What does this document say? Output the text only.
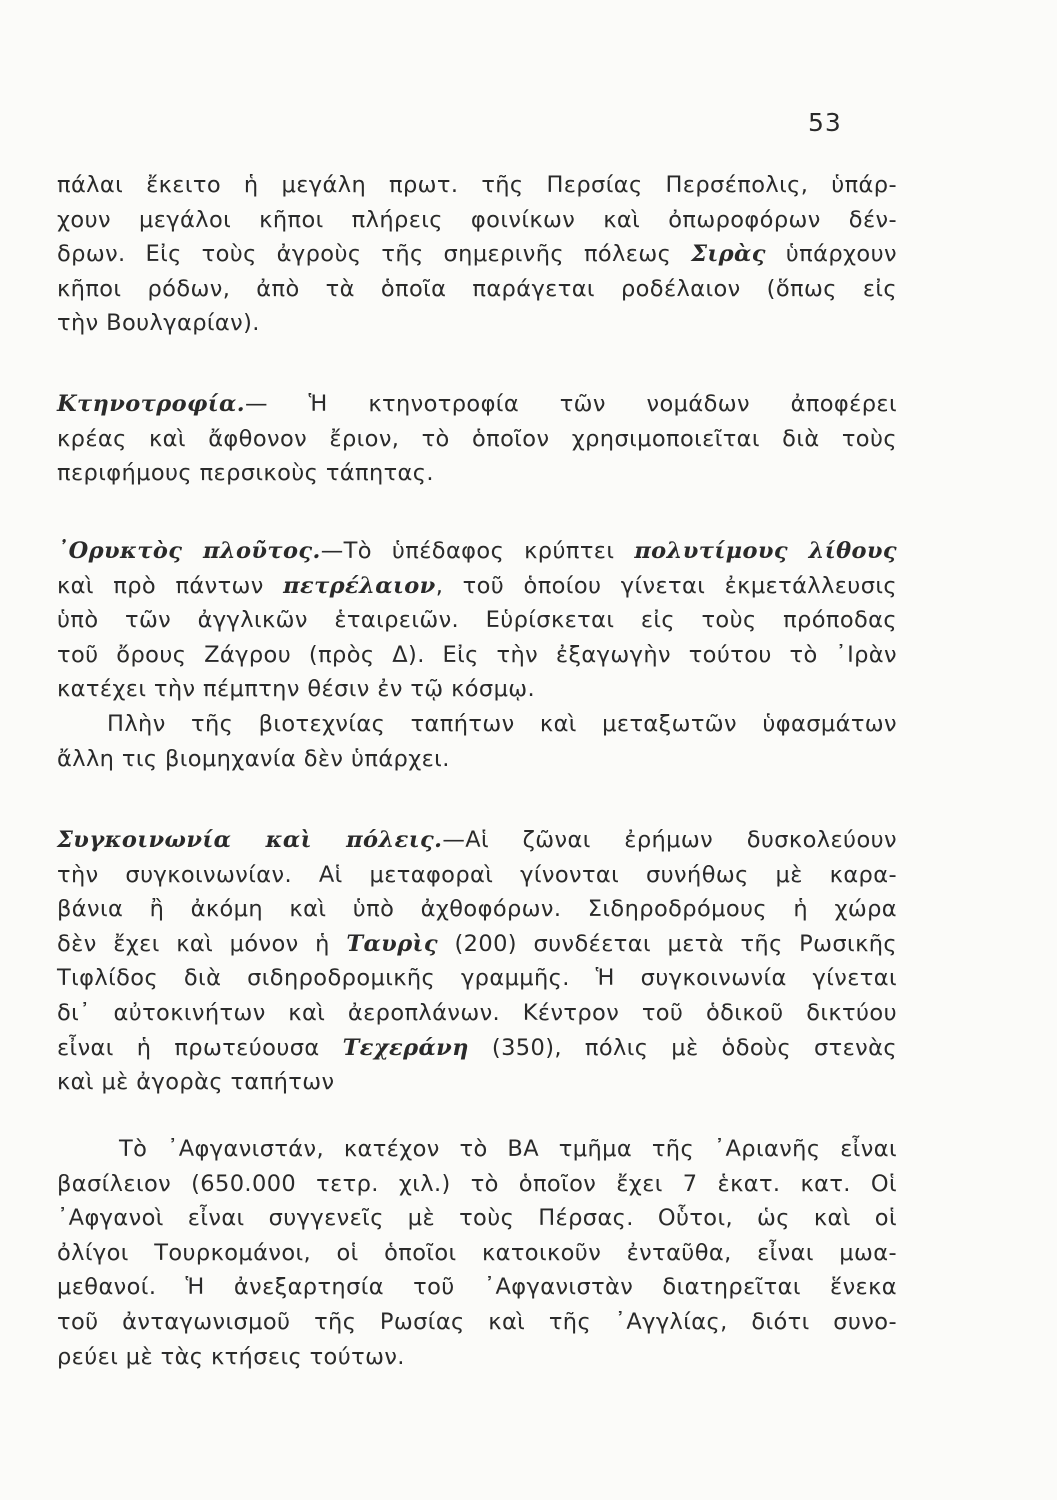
53
πάλαι ἔκειτο ἡ μεγάλη πρωτ. τῆς Περσίας Περσέπολις, ὑπάρ-
χουν μεγάλοι κῆποι πλήρεις φοινίκων καὶ ὀπωροφόρων δέν-
δρων. Εἰς τοὺς ἀγροὺς τῆς σημερινῆς πόλεως Σιρὰς ὑπάρχουν
κῆποι ρόδων, ἀπὸ τὰ ὁποῖα παράγεται ροδέλαιον (ὅπως εἰς
τὴν Βουλγαρίαν).
Κτηνοτροφία.— Ἡ κτηνοτροφία τῶν νομάδων ἀποφέρει
κρέας καὶ ἄφθονον ἔριον, τὸ ὁποῖον χρησιμοποιεῖται διὰ τοὺς
περιφήμους περσικοὺς τάπητας.
᾿Ορυκτὸς πλοῦτος.—Τὸ ὑπέδαφος κρύπτει πολυτίμους λίθους
καὶ πρὸ πάντων πετρέλαιον, τοῦ ὁποίου γίνεται ἐκμετάλλευσις
ὑπὸ τῶν ἀγγλικῶν ἑταιρειῶν. Εὑρίσκεται εἰς τοὺς πρόποδας
τοῦ ὄρους Ζάγρου (πρὸς Δ). Εἰς τὴν ἐξαγωγὴν τούτου τὸ ᾿Ιρὰν
κατέχει τὴν πέμπτην θέσιν ἐν τῷ κόσμῳ.
Πλὴν τῆς βιοτεχνίας ταπήτων καὶ μεταξωτῶν ὑφασμάτων
ἄλλη τις βιομηχανία δὲν ὑπάρχει.
Συγκοινωνία καὶ πόλεις.—Αἱ ζῶναι ἐρήμων δυσκολεύουν
τὴν συγκοινωνίαν. Αἱ μεταφοραὶ γίνονται συνήθως μὲ καρα-
βάνια ἢ ἀκόμη καὶ ὑπὸ ἀχθοφόρων. Σιδηροδρόμους ἡ χώρα
δὲν ἔχει καὶ μόνον ἡ Ταυρὶς (200) συνδέεται μετὰ τῆς Ρωσικῆς
Τιφλίδος διὰ σιδηροδρομικῆς γραμμῆς. Ἡ συγκοινωνία γίνεται
δι᾿ αὐτοκινήτων καὶ ἀεροπλάνων. Κέντρον τοῦ ὁδικοῦ δικτύου
εἶναι ἡ πρωτεύουσα Τεχεράνη (350), πόλις μὲ ὁδοὺς στενὰς
καὶ μὲ ἀγορὰς ταπήτων
Τὸ ᾿Αφγανιστάν, κατέχον τὸ ΒΑ τμῆμα τῆς ᾿Αριανῆς εἶναι
βασίλειον (650.000 τετρ. χιλ.) τὸ ὁποῖον ἔχει 7 ἑκατ. κατ. Οἱ
᾿Αφγανοὶ εἶναι συγγενεῖς μὲ τοὺς Πέρσας. Οὗτοι, ὡς καὶ οἱ
ὀλίγοι Τουρκομάνοι, οἱ ὁποῖοι κατοικοῦν ἐνταῦθα, εἶναι μωα-
μεθανοί. Ἡ ἀνεξαρτησία τοῦ ᾿Αφγανιστὰν διατηρεῖται ἕνεκα
τοῦ ἀνταγωνισμοῦ τῆς Ρωσίας καὶ τῆς ᾿Αγγλίας, διότι συνο-
ρεύει μὲ τὰς κτήσεις τούτων.
